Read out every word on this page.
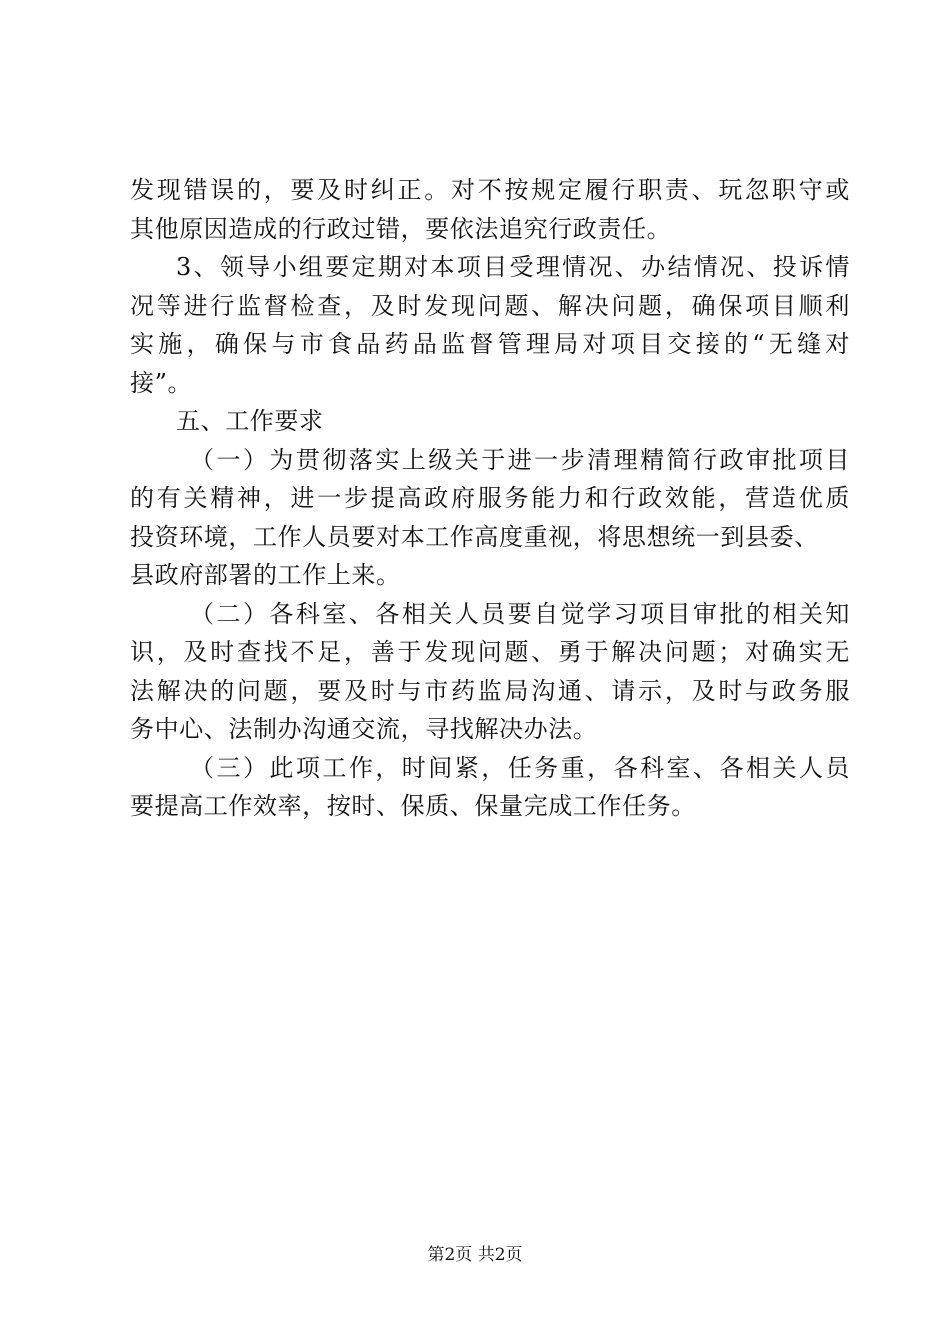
发现错误的，要及时纠正。对不按规定履行职责、玩忽职守或
其他原因造成的行政过错，要依法追究行政责任。
3、领导小组要定期对本项目受理情况、办结情况、投诉情
况等进行监督检查，及时发现问题、解决问题，确保项目顺利
实施，确保与市食品药品监督管理局对项目交接的“无缝对
接”。
五、工作要求
（一）为贯彻落实上级关于进一步清理精简行政审批项目
的有关精神，进一步提高政府服务能力和行政效能，营造优质
投资环境，工作人员要对本工作高度重视，将思想统一到县委、
县政府部署的工作上来。
（二）各科室、各相关人员要自觉学习项目审批的相关知
识，及时查找不足，善于发现问题、勇于解决问题；对确实无
法解决的问题，要及时与市药监局沟通、请示，及时与政务服
务中心、法制办沟通交流，寻找解决办法。
（三）此项工作，时间紧，任务重，各科室、各相关人员
要提高工作效率，按时、保质、保量完成工作任务。
第2页 共2页
